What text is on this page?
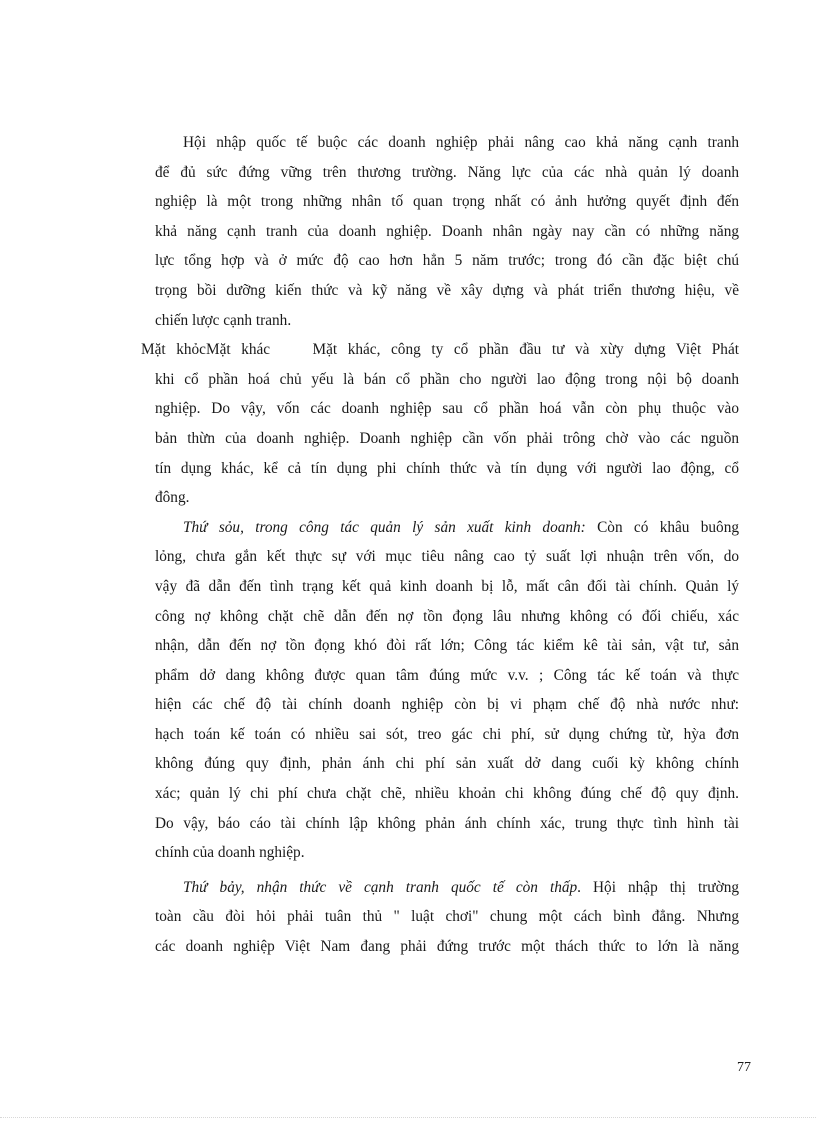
Hội nhập quốc tế buộc các doanh nghiệp phải nâng cao khả năng cạnh tranh
để đủ sức đứng vững trên thương trường. Năng lực của các nhà quản lý doanh
nghiệp là một trong những nhân tố quan trọng nhất có ảnh hưởng quyết định đến
khả năng cạnh tranh của doanh nghiệp. Doanh nhân ngày nay cần có những năng
lực tổng hợp và ở mức độ cao hơn hẳn 5 năm trước; trong đó cần đặc biệt chú
trọng bồi dưỡng kiến thức và kỹ năng về xây dựng và phát triển thương hiệu, về
chiến lược cạnh tranh.

Mặt khỏcMặt khác    Mặt khác, công ty cổ phần đầu tư và xừy dựng Việt Phát
khi cổ phần hoá chủ yếu là bán cổ phần cho người lao động trong nội bộ doanh
nghiệp. Do vậy, vốn các doanh nghiệp sau cổ phần hoá vẫn còn phụ thuộc vào
bản thừn của doanh nghiệp. Doanh nghiệp cần vốn phải trông chờ vào các nguồn
tín dụng khác, kể cả tín dụng phi chính thức và tín dụng với người lao động, cổ
đông.

Thứ sỏu, trong công tác quản lý sản xuất kinh doanh: Còn có khâu buông
lỏng, chưa gắn kết thực sự với mục tiêu nâng cao tỷ suất lợi nhuận trên vốn, do
vậy đã dẫn đến tình trạng kết quả kinh doanh bị lỗ, mất cân đối tài chính. Quản lý
công nợ không chặt chẽ dẫn đến nợ tồn đọng lâu nhưng không có đối chiếu, xác
nhận, dẫn đến nợ tồn đọng khó đòi rất lớn; Công tác kiểm kê tài sản, vật tư, sản
phẩm dở dang không được quan tâm đúng mức v.v. ; Công tác kế toán và thực
hiện các chế độ tài chính doanh nghiệp còn bị vi phạm chế độ nhà nước như:
hạch toán kế toán có nhiều sai sót, treo gác chi phí, sử dụng chứng từ, hỳa đơn
không đúng quy định, phản ánh chi phí sản xuất dở dang cuối kỳ không chính
xác; quản lý chi phí chưa chặt chẽ, nhiều khoản chi không đúng chế độ quy định.
Do vậy, báo cáo tài chính lập không phản ánh chính xác, trung thực tình hình tài
chính của doanh nghiệp.

Thứ bảy, nhận thức về cạnh tranh quốc tế còn thấp. Hội nhập thị trường
toàn cầu đòi hỏi phải tuân thủ " luật chơi" chung một cách bình đẳng. Nhưng
các doanh nghiệp Việt Nam đang phải đứng trước một thách thức to lớn là năng

77
